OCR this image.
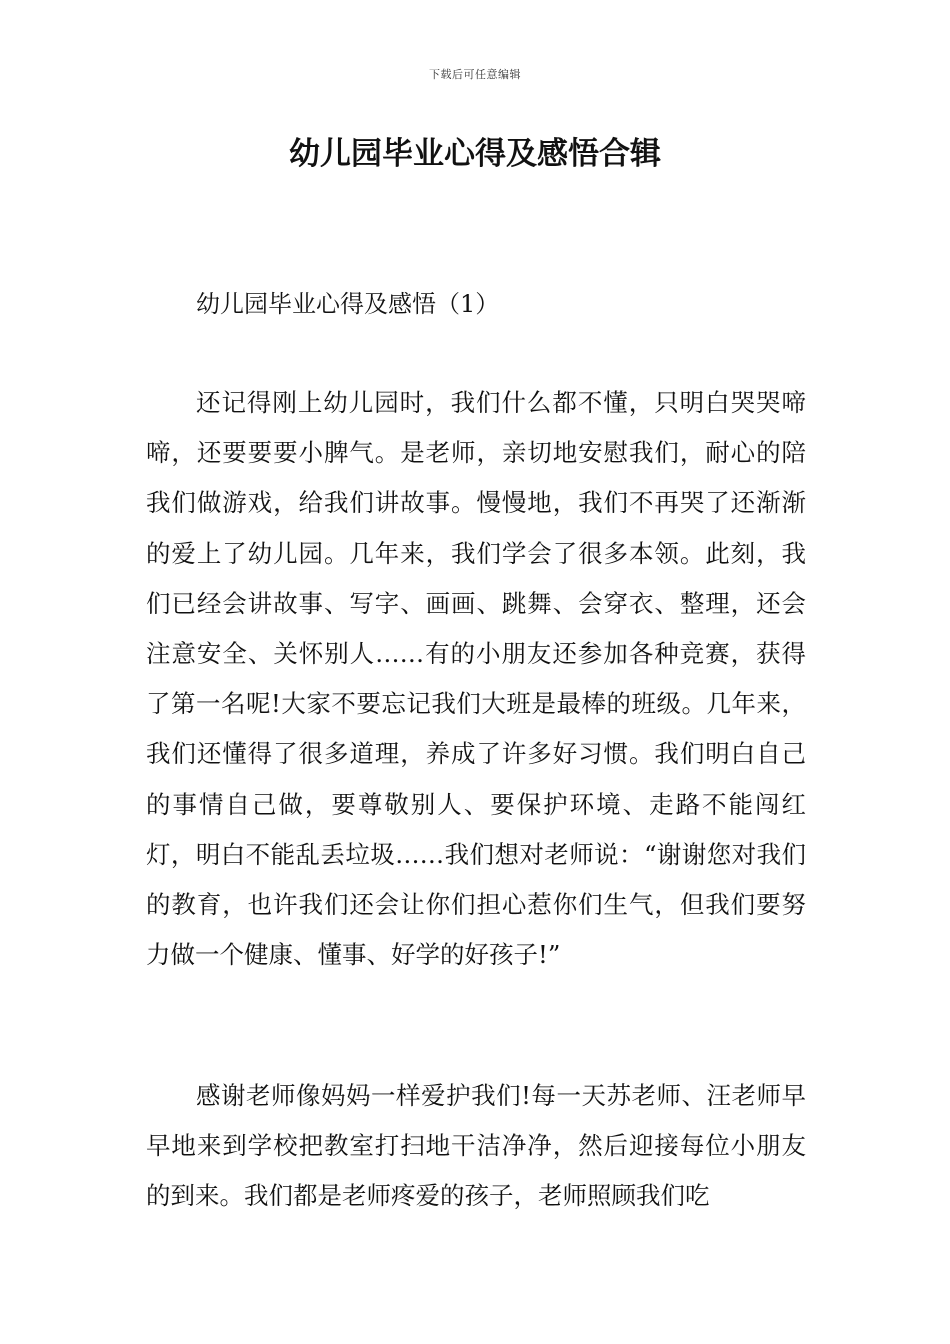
下载后可任意编辑
幼儿园毕业心得及感悟合辑
幼儿园毕业心得及感悟（1）

还记得刚上幼儿园时，我们什么都不懂，只明白哭哭啼啼，还要要要小脾气。是老师，亲切地安慰我们，耐心的陪我们做游戏，给我们讲故事。慢慢地，我们不再哭了还渐渐的爱上了幼儿园。几年来，我们学会了很多本领。此刻，我们已经会讲故事、写字、画画、跳舞、会穿衣、整理，还会注意安全、关怀别人……有的小朋友还参加各种竞赛，获得了第一名呢!大家不要忘记我们大班是最棒的班级。几年来，我们还懂得了很多道理，养成了许多好习惯。我们明白自己的事情自己做，要尊敬别人、要保护环境、走路不能闯红灯，明白不能乱丢垃圾……我们想对老师说：“谢谢您对我们的教育，也许我们还会让你们担心惹你们生气，但我们要努力做一个健康、懂事、好学的好孩子!”

感谢老师像妈妈一样爱护我们!每一天苏老师、汪老师早早地来到学校把教室打扫地干洁净净，然后迎接每位小朋友的到来。我们都是老师疼爱的孩子，老师照顾我们吃
